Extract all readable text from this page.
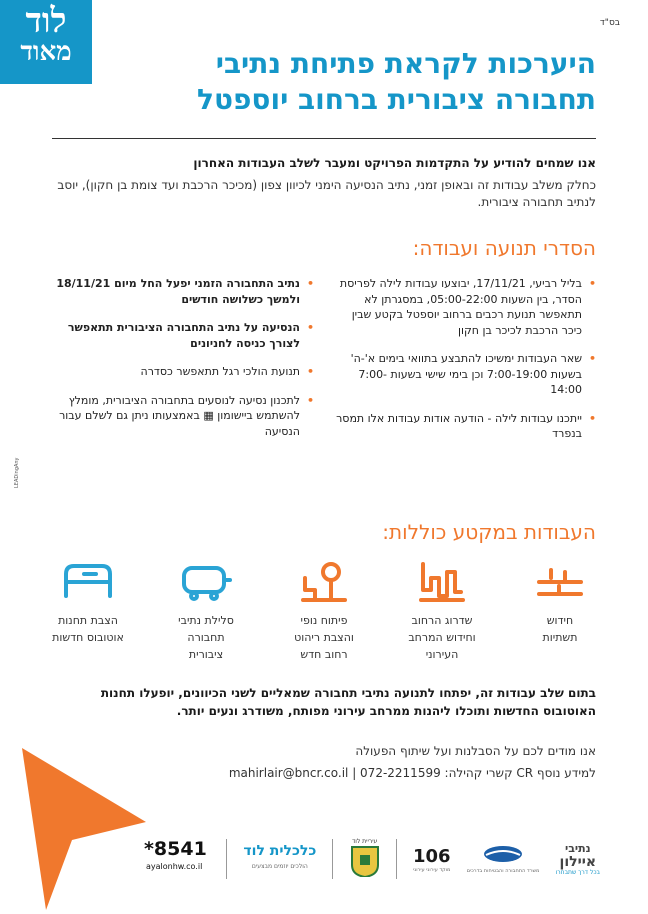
לוד
מאוד
בס"ד
היערכות לקראת פתיחת נתיבי
תחבורה ציבורית ברחוב יוספטל
אנו שמחים להודיע על התקדמות הפרויקט ומעבר לשלב העבודות האחרון

כחלק משלב עבודות זה ובאופן זמני, נתיב הנסיעה הימני לכיוון צפון (מכיכר הרכבת ועד צומת בן חקון), יוסב לנתיב תחבורה ציבורית.

הסדרי תנועה ועבודה:
• בליל רביעי, 17/11/21, יבוצעו עבודות לילה לפריסת הסדר, בין השעות 05:00-22:00, במסגרתן לא תתאפשר תנועת רכבים ברחוב יוספטל בקטע שבין כיכר הרכבת לכיכר בן חקון
• שאר העבודות ימשיכו להתבצע בתוואי בימים א'-ה' בשעות 7:00-19:00 וכן בימי שישי בשעות 7:00-14:00
• ייתכנו עבודות לילה - הודעה אודות עבודות אלו תמסר בנפרד
• נתיב התחבורה הזמני יפעל החל מיום 18/11/21 ולמשך כשלושה חודשים
• הנסיעה על נתיב התחבורה הציבורית תתאפשר לצורך כניסה לחניונים
• תנועת הולכי רגל תתאפשר כסדרה
• לתכנון נסיעה לנוסעים בתחבורה הציבורית, מומלץ להשתמש ביישומון ▦ באמצעותו ניתן גם לשלם עבור הנסיעה
LEADingAny
העבודות במקטע כוללות:
חידוש
תשתיות
שדרוג הרחוב
וחידוש המרחב
העירוני
פיתוח נופי
והצבת ריהוט
רחוב חדש
סלילת נתיבי
תחבורה
ציבורית
הצבת תחנות
אוטובוס חדשות
בתום שלב עבודות זה, יפתחו לתנועה נתיבי תחבורה שמאליים לשני הכיוונים, יופעלו תחנות האוטובוס החדשות ותוכלו ליהנות ממרחב עירוני מפותח, משודרג ונעים יותר.
אנו מודים לכם על הסבלנות ועל שיתוף הפעולה
למידע נוסף CR קשרי קהילה: 072-2211599 | mahirlair@bncr.co.il
*8541
ayalonhw.co.il
נתיבי
איילון
בכל דרך שתבחרו
משרד התחבורה והבטיחות בדרכים
106
מוקד עירוני עירוני
עיריית לוד
כלכלית לוד
הולכים יוזמים מבצעים
